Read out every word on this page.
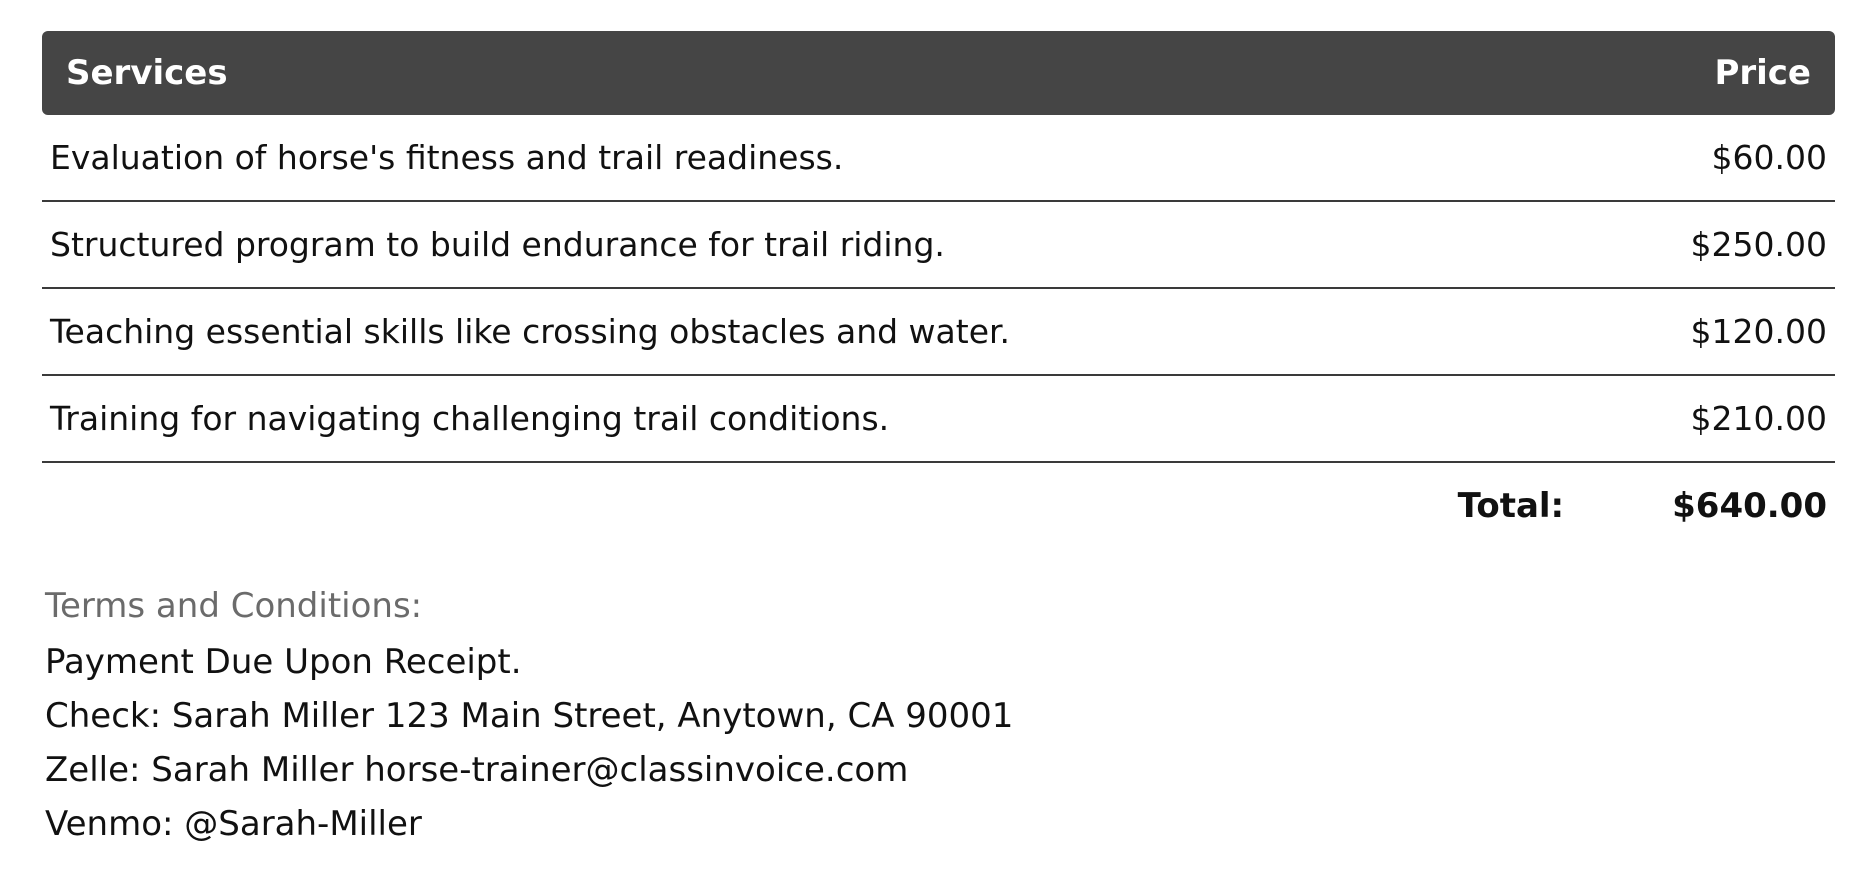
Services	Price
Evaluation of horse's fitness and trail readiness.	$60.00
Structured program to build endurance for trail riding.	$250.00
Teaching essential skills like crossing obstacles and water.	$120.00
Training for navigating challenging trail conditions.	$210.00
Total:	$640.00
Terms and Conditions:
Payment Due Upon Receipt.
Check: Sarah Miller 123 Main Street, Anytown, CA 90001
Zelle: Sarah Miller horse-trainer@classinvoice.com
Venmo: @Sarah-Miller
